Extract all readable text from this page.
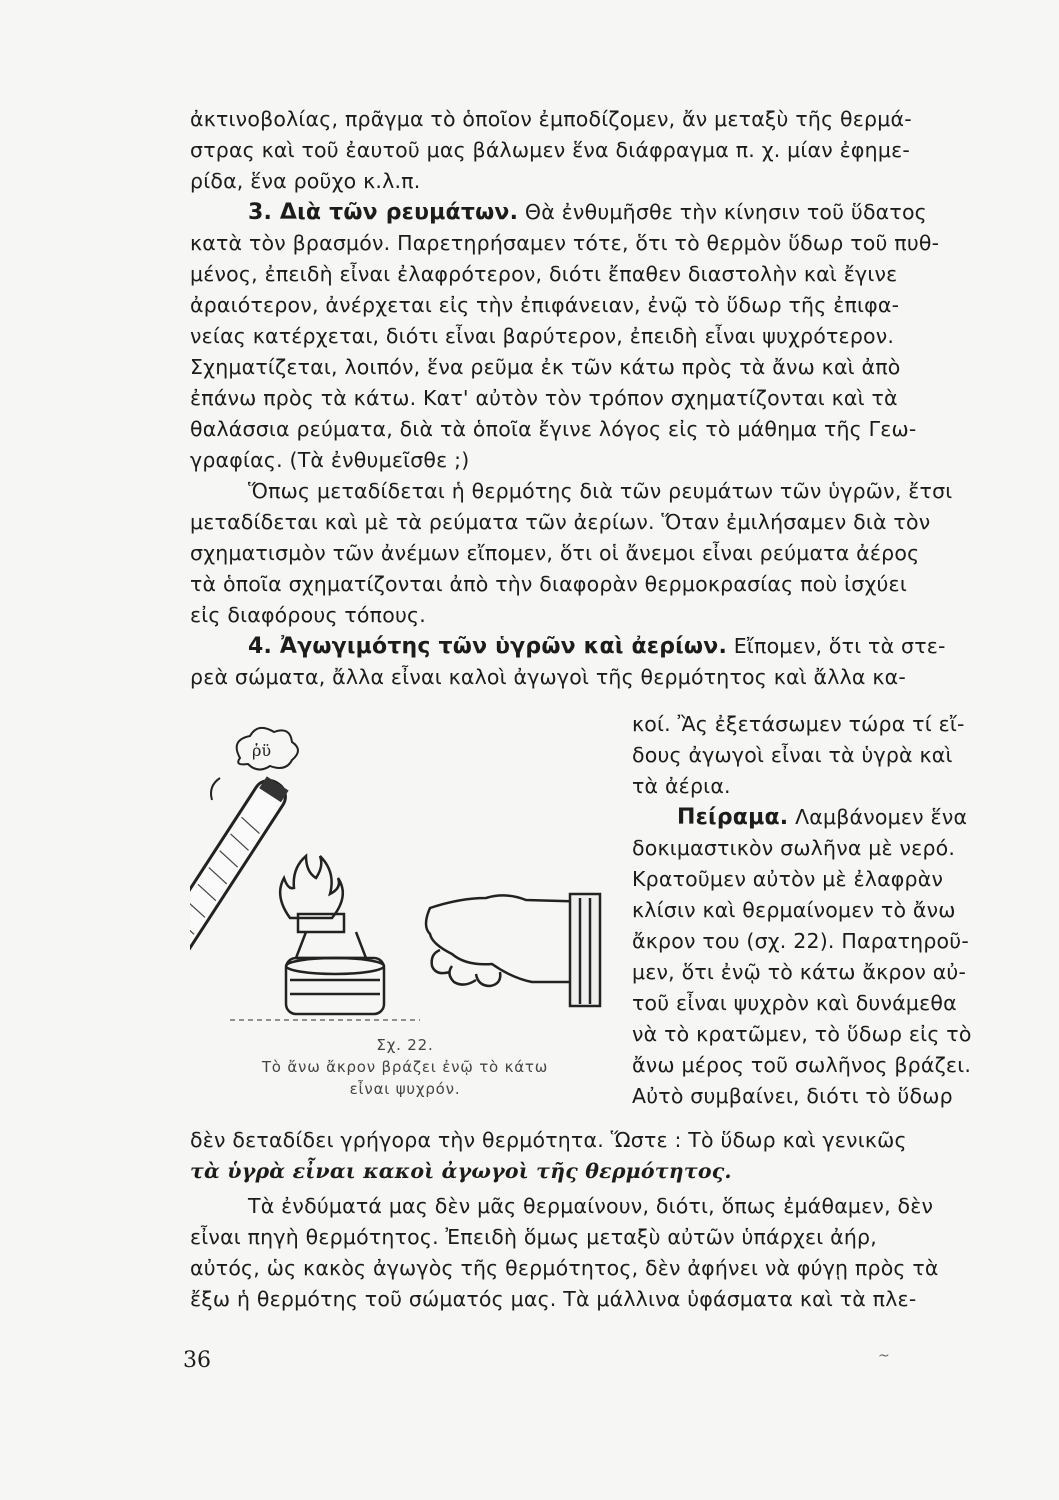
ἀκτινοβολίας, πρᾶγμα τὸ ὁποῖον ἐμποδίζομεν, ἄν μεταξὺ τῆς θερμά-
στρας καὶ τοῦ ἐαυτοῦ μας βάλωμεν ἕνα διάφραγμα π. χ. μίαν ἐφημε-
ρίδα, ἕνα ροῦχο κ.λ.π.
3. Διὰ τῶν ρευμάτων. Θὰ ἐνθυμῆσθε τὴν κίνησιν τοῦ ὕδατος
κατὰ τὸν βρασμόν. Παρετηρήσαμεν τότε, ὅτι τὸ θερμὸν ὕδωρ τοῦ πυθ-
μένος, ἐπειδὴ εἶναι ἐλαφρότερον, διότι ἔπαθεν διαστολὴν καὶ ἔγινε
ἀραιότερον, ἀνέρχεται εἰς τὴν ἐπιφάνειαν, ἐνῷ τὸ ὕδωρ τῆς ἐπιφα-
νείας κατέρχεται, διότι εἶναι βαρύτερον, ἐπειδὴ εἶναι ψυχρότερον.
Σχηματίζεται, λοιπόν, ἕνα ρεῦμα ἐκ τῶν κάτω πρὸς τὰ ἄνω καὶ ἀπὸ
ἐπάνω πρὸς τὰ κάτω. Κατ' αὐτὸν τὸν τρόπον σχηματίζονται καὶ τὰ
θαλάσσια ρεύματα, διὰ τὰ ὁποῖα ἔγινε λόγος εἰς τὸ μάθημα τῆς Γεω-
γραφίας. (Τὰ ἐνθυμεῖσθε ;)
Ὅπως μεταδίδεται ἡ θερμότης διὰ τῶν ρευμάτων τῶν ὑγρῶν, ἔτσι
μεταδίδεται καὶ μὲ τὰ ρεύματα τῶν ἀερίων. Ὅταν ἐμιλήσαμεν διὰ τὸν
σχηματισμὸν τῶν ἀνέμων εἴπομεν, ὅτι οἱ ἄνεμοι εἶναι ρεύματα ἀέρος
τὰ ὁποῖα σχηματίζονται ἀπὸ τὴν διαφορὰν θερμοκρασίας ποὺ ἰσχύει
εἰς διαφόρους τόπους.
4. Ἀγωγιμότης τῶν ὑγρῶν καὶ ἀερίων. Εἴπομεν, ὅτι τὰ στε-
ρεὰ σώματα, ἄλλα εἶναι καλοὶ ἀγωγοὶ τῆς θερμότητος καὶ ἄλλα κα-
ῥϋ
Σχ. 22.
Τὸ ἄνω ἄκρον βράζει ἐνῷ τὸ κάτω
εἶναι ψυχρόν.
κοί. Ἂς ἐξετάσωμεν τώρα τί εἴ-
δους ἀγωγοὶ εἶναι τὰ ὑγρὰ καὶ
τὰ ἀέρια.
Πείραμα. Λαμβάνομεν ἕνα
δοκιμαστικὸν σωλῆνα μὲ νερό.
Κρατοῦμεν αὐτὸν μὲ ἐλαφρὰν
κλίσιν καὶ θερμαίνομεν τὸ ἄνω
ἄκρον του (σχ. 22). Παρατηροῦ-
μεν, ὅτι ἐνῷ τὸ κάτω ἄκρον αὐ-
τοῦ εἶναι ψυχρὸν καὶ δυνάμεθα
νὰ τὸ κρατῶμεν, τὸ ὕδωρ εἰς τὸ
ἄνω μέρος τοῦ σωλῆνος βράζει.
Αὐτὸ συμβαίνει, διότι τὸ ὕδωρ
δὲν δεταδίδει γρήγορα τὴν θερμότητα. Ὥστε : Τὸ ὕδωρ καὶ γενικῶς
τὰ ὑγρὰ εἶναι κακοὶ ἀγωγοὶ τῆς θερμότητος.
Τὰ ἐνδύματά μας δὲν μᾶς θερμαίνουν, διότι, ὅπως ἐμάθαμεν, δὲν
εἶναι πηγὴ θερμότητος. Ἐπειδὴ ὅμως μεταξὺ αὐτῶν ὑπάρχει ἀήρ,
αὐτός, ὡς κακὸς ἀγωγὸς τῆς θερμότητος, δὲν ἀφήνει νὰ φύγῃ πρὸς τὰ
ἔξω ἡ θερμότης τοῦ σώματός μας. Τὰ μάλλινα ὑφάσματα καὶ τὰ πλε-
36	~
